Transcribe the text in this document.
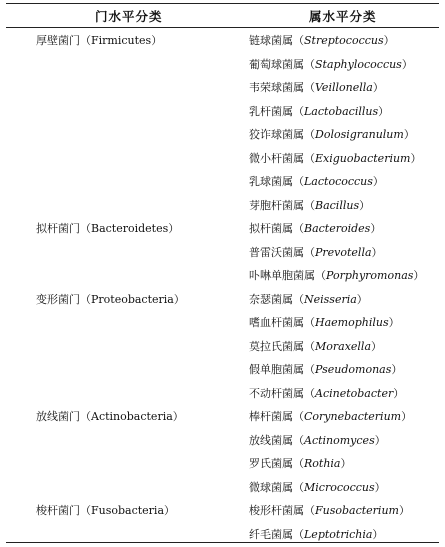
门水平分类	属水平分类
链球菌属（Streptococcus）
葡萄球菌属（Staphylococcus）
韦荣球菌属（Veillonella）
乳杆菌属（Lactobacillus）
狡诈球菌属（Dolosigranulum）
微小杆菌属（Exiguobacterium）
乳球菌属（Lactococcus）
芽胞杆菌属（Bacillus）
拟杆菌属（Bacteroides）
普雷沃菌属（Prevotella）
卟啉单胞菌属（Porphyromonas）
奈瑟菌属（Neisseria）
嗜血杆菌属（Haemophilus）
莫拉氏菌属（Moraxella）
假单胞菌属（Pseudomonas）
不动杆菌属（Acinetobacter）
棒杆菌属（Corynebacterium）
放线菌属（Actinomyces）
罗氏菌属（Rothia）
微球菌属（Micrococcus）
梭形杆菌属（Fusobacterium）
纤毛菌属（Leptotrichia）
厚壁菌门（Firmicutes）
拟杆菌门（Bacteroidetes）
变形菌门（Proteobacteria）
放线菌门（Actinobacteria）
梭杆菌门（Fusobacteria）
